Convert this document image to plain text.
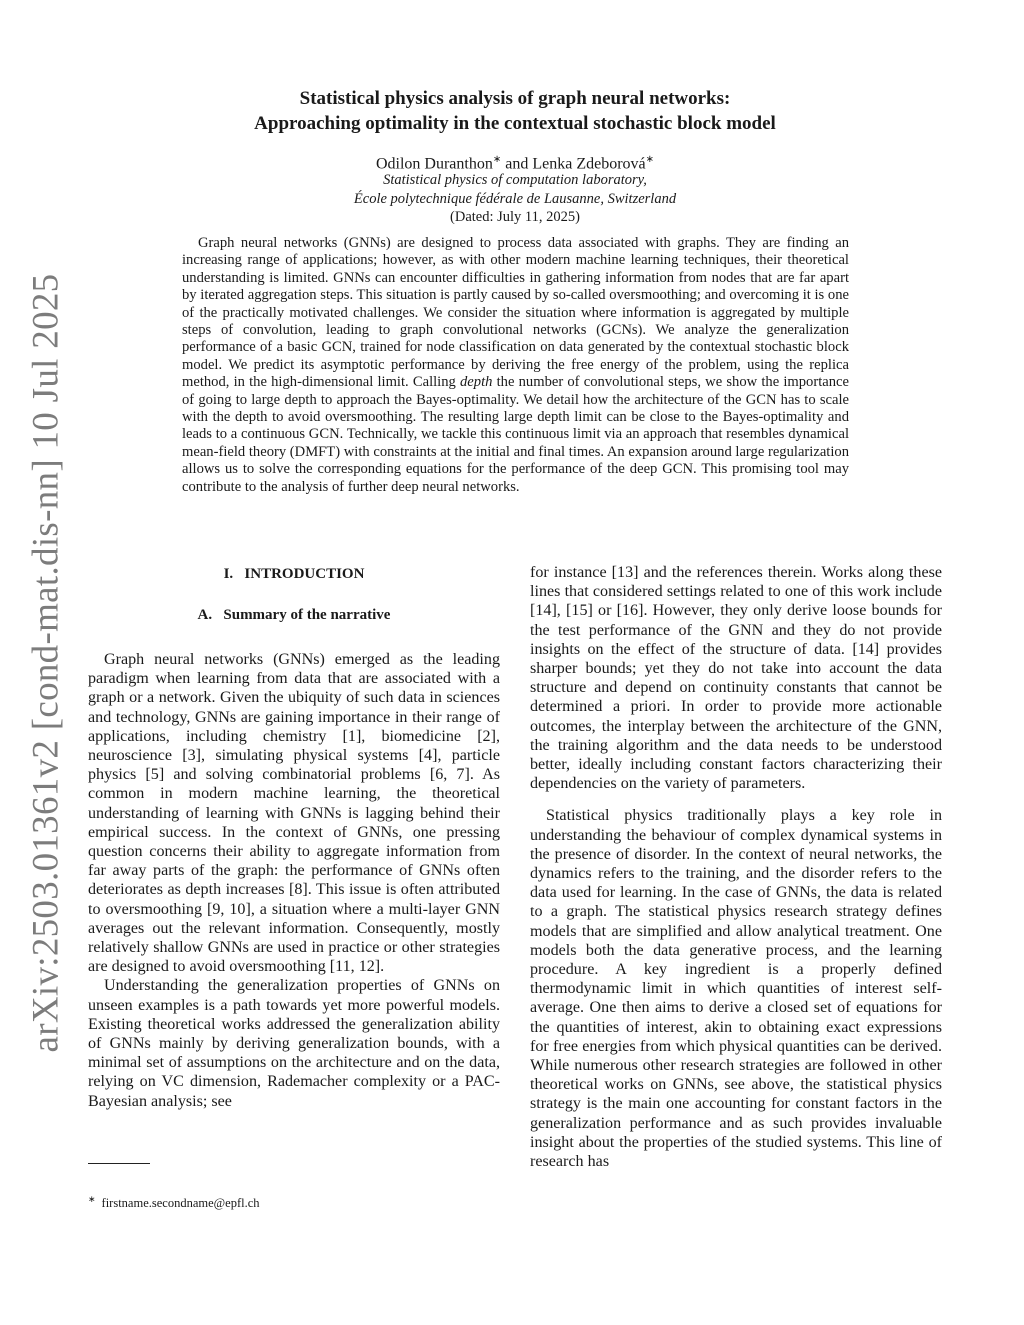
arXiv:2503.01361v2 [cond-mat.dis-nn] 10 Jul 2025
Statistical physics analysis of graph neural networks:
Approaching optimality in the contextual stochastic block model
Odilon Duranthon∗ and Lenka Zdeborová∗
Statistical physics of computation laboratory,
École polytechnique fédérale de Lausanne, Switzerland
(Dated: July 11, 2025)
Graph neural networks (GNNs) are designed to process data associated with graphs. They are finding an increasing range of applications; however, as with other modern machine learning techniques, their theoretical understanding is limited. GNNs can encounter difficulties in gathering information from nodes that are far apart by iterated aggregation steps. This situation is partly caused by so-called oversmoothing; and overcoming it is one of the practically motivated challenges. We consider the situation where information is aggregated by multiple steps of convolution, leading to graph convolutional networks (GCNs). We analyze the generalization performance of a basic GCN, trained for node classification on data generated by the contextual stochastic block model. We predict its asymptotic performance by deriving the free energy of the problem, using the replica method, in the high-dimensional limit. Calling depth the number of convolutional steps, we show the importance of going to large depth to approach the Bayes-optimality. We detail how the architecture of the GCN has to scale with the depth to avoid oversmoothing. The resulting large depth limit can be close to the Bayes-optimality and leads to a continuous GCN. Technically, we tackle this continuous limit via an approach that resembles dynamical mean-field theory (DMFT) with constraints at the initial and final times. An expansion around large regularization allows us to solve the corresponding equations for the performance of the deep GCN. This promising tool may contribute to the analysis of further deep neural networks.
I.   INTRODUCTION
A.   Summary of the narrative

Graph neural networks (GNNs) emerged as the leading paradigm when learning from data that are associated with a graph or a network. Given the ubiquity of such data in sciences and technology, GNNs are gaining importance in their range of applications, including chemistry [1], biomedicine [2], neuroscience [3], simulating physical systems [4], particle physics [5] and solving combinatorial problems [6, 7]. As common in modern machine learning, the theoretical understanding of learning with GNNs is lagging behind their empirical success. In the context of GNNs, one pressing question concerns their ability to aggregate information from far away parts of the graph: the performance of GNNs often deteriorates as depth increases [8]. This issue is often attributed to oversmoothing [9, 10], a situation where a multi-layer GNN averages out the relevant information. Consequently, mostly relatively shallow GNNs are used in practice or other strategies are designed to avoid oversmoothing [11, 12].

Understanding the generalization properties of GNNs on unseen examples is a path towards yet more powerful models. Existing theoretical works addressed the generalization ability of GNNs mainly by deriving generalization bounds, with a minimal set of assumptions on the architecture and on the data, relying on VC dimension, Rademacher complexity or a PAC-Bayesian analysis; see

for instance [13] and the references therein. Works along these lines that considered settings related to one of this work include [14], [15] or [16]. However, they only derive loose bounds for the test performance of the GNN and they do not provide insights on the effect of the structure of data. [14] provides sharper bounds; yet they do not take into account the data structure and depend on continuity constants that cannot be determined a priori. In order to provide more actionable outcomes, the interplay between the architecture of the GNN, the training algorithm and the data needs to be understood better, ideally including constant factors characterizing their dependencies on the variety of parameters.

Statistical physics traditionally plays a key role in understanding the behaviour of complex dynamical systems in the presence of disorder. In the context of neural networks, the dynamics refers to the training, and the disorder refers to the data used for learning. In the case of GNNs, the data is related to a graph. The statistical physics research strategy defines models that are simplified and allow analytical treatment. One models both the data generative process, and the learning procedure. A key ingredient is a properly defined thermodynamic limit in which quantities of interest self-average. One then aims to derive a closed set of equations for the quantities of interest, akin to obtaining exact expressions for free energies from which physical quantities can be derived. While numerous other research strategies are followed in other theoretical works on GNNs, see above, the statistical physics strategy is the main one accounting for constant factors in the generalization performance and as such provides invaluable insight about the properties of the studied systems. This line of research has

∗ firstname.secondname@epfl.ch
